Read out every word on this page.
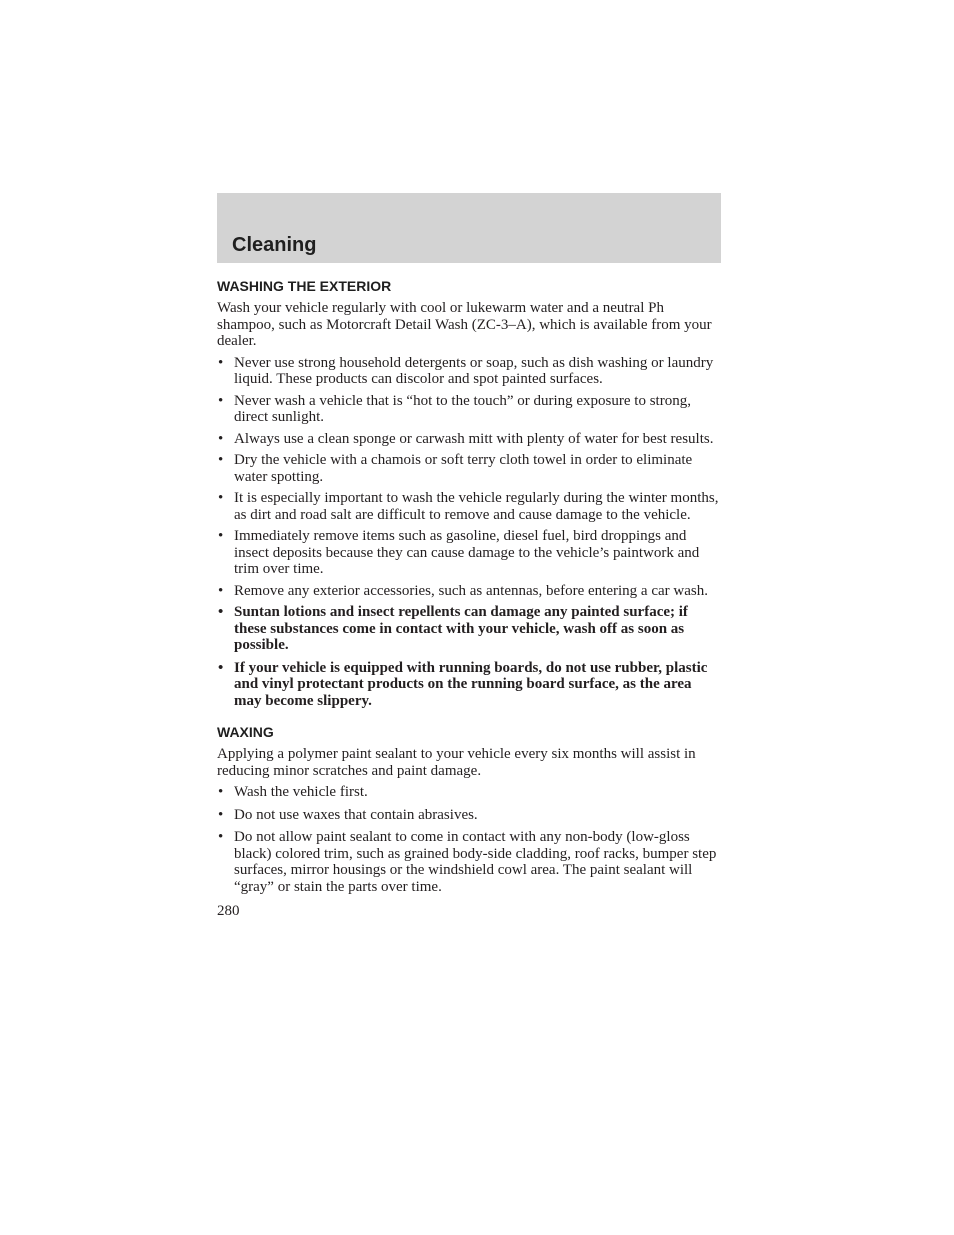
Cleaning
WASHING THE EXTERIOR

Wash your vehicle regularly with cool or lukewarm water and a neutral Ph shampoo, such as Motorcraft Detail Wash (ZC-3–A), which is available from your dealer.

• Never use strong household detergents or soap, such as dish washing or laundry liquid. These products can discolor and spot painted surfaces.
• Never wash a vehicle that is “hot to the touch” or during exposure to strong, direct sunlight.
• Always use a clean sponge or carwash mitt with plenty of water for best results.
• Dry the vehicle with a chamois or soft terry cloth towel in order to eliminate water spotting.
• It is especially important to wash the vehicle regularly during the winter months, as dirt and road salt are difficult to remove and cause damage to the vehicle.
• Immediately remove items such as gasoline, diesel fuel, bird droppings and insect deposits because they can cause damage to the vehicle’s paintwork and trim over time.
• Remove any exterior accessories, such as antennas, before entering a car wash.
• Suntan lotions and insect repellents can damage any painted surface; if these substances come in contact with your vehicle, wash off as soon as possible.
• If your vehicle is equipped with running boards, do not use rubber, plastic and vinyl protectant products on the running board surface, as the area may become slippery.
WAXING

Applying a polymer paint sealant to your vehicle every six months will assist in reducing minor scratches and paint damage.

• Wash the vehicle first.
• Do not use waxes that contain abrasives.
• Do not allow paint sealant to come in contact with any non-body (low-gloss black) colored trim, such as grained body-side cladding, roof racks, bumper step surfaces, mirror housings or the windshield cowl area. The paint sealant will “gray” or stain the parts over time.
280
